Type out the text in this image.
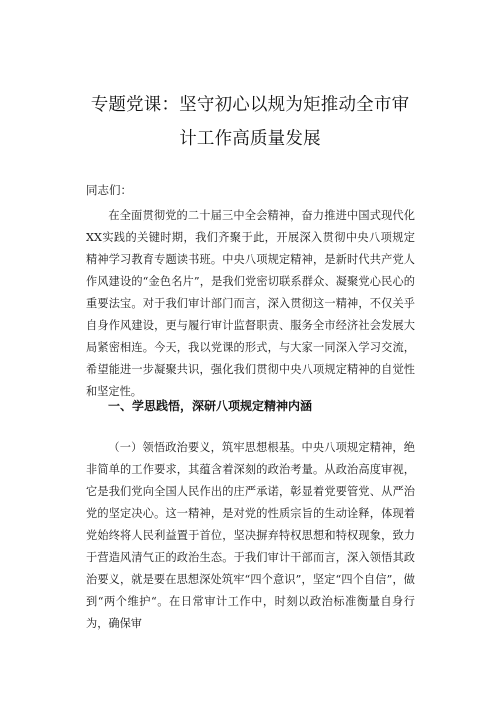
专题党课：坚守初心以规为矩推动全市审
计工作高质量发展
同志们：

在全面贯彻党的二十届三中全会精神，奋力推进中国式现代化XX实践的关键时期，我们齐聚于此，开展深入贯彻中央八项规定精神学习教育专题读书班。中央八项规定精神，是新时代共产党人作风建设的“金色名片”，是我们党密切联系群众、凝聚党心民心的重要法宝。对于我们审计部门而言，深入贯彻这一精神，不仅关乎自身作风建设，更与履行审计监督职责、服务全市经济社会发展大局紧密相连。今天，我以党课的形式，与大家一同深入学习交流，希望能进一步凝聚共识，强化我们贯彻中央八项规定精神的自觉性和坚定性。

一、学思践悟，深研八项规定精神内涵

（一）领悟政治要义，筑牢思想根基。中央八项规定精神，绝非简单的工作要求，其蕴含着深刻的政治考量。从政治高度审视，它是我们党向全国人民作出的庄严承诺，彰显着党要管党、从严治党的坚定决心。这一精神，是对党的性质宗旨的生动诠释，体现着党始终将人民利益置于首位，坚决摒弃特权思想和特权现象，致力于营造风清气正的政治生态。于我们审计干部而言，深入领悟其政治要义，就是要在思想深处筑牢“四个意识”，坚定“四个自信”，做到“两个维护“。在日常审计工作中，时刻以政治标准衡量自身行为，确保审
